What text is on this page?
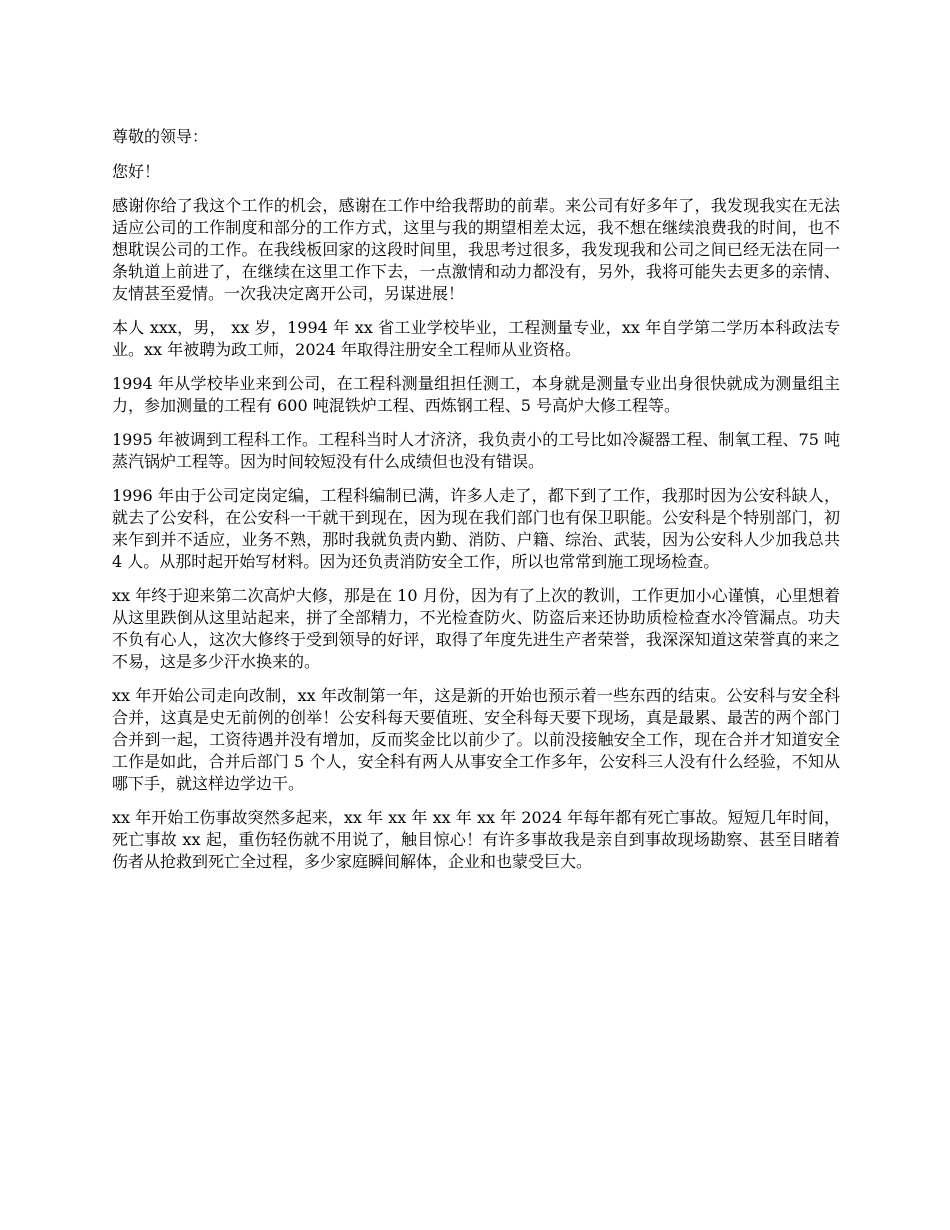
尊敬的领导：

您好！

感谢你给了我这个工作的机会，感谢在工作中给我帮助的前辈。来公司有好多年了，我发现我实在无法适应公司的工作制度和部分的工作方式，这里与我的期望相差太远，我不想在继续浪费我的时间，也不想耽误公司的工作。在我线板回家的这段时间里，我思考过很多，我发现我和公司之间已经无法在同一条轨道上前进了，在继续在这里工作下去，一点激情和动力都没有，另外，我将可能失去更多的亲情、友情甚至爱情。一次我决定离开公司，另谋进展！

本人 xxx，男， xx 岁，1994 年 xx 省工业学校毕业，工程测量专业，xx 年自学第二学历本科政法专业。xx 年被聘为政工师，2024 年取得注册安全工程师从业资格。

1994 年从学校毕业来到公司，在工程科测量组担任测工，本身就是测量专业出身很快就成为测量组主力，参加测量的工程有 600 吨混铁炉工程、西炼钢工程、5 号高炉大修工程等。

1995 年被调到工程科工作。工程科当时人才济济，我负责小的工号比如冷凝器工程、制氧工程、75 吨蒸汽锅炉工程等。因为时间较短没有什么成绩但也没有错误。

1996 年由于公司定岗定编，工程科编制已满，许多人走了，都下到了工作，我那时因为公安科缺人，就去了公安科，在公安科一干就干到现在，因为现在我们部门也有保卫职能。公安科是个特别部门，初来乍到并不适应，业务不熟，那时我就负责内勤、消防、户籍、综治、武装，因为公安科人少加我总共 4 人。从那时起开始写材料。因为还负责消防安全工作，所以也常常到施工现场检查。

xx 年终于迎来第二次高炉大修，那是在 10 月份，因为有了上次的教训，工作更加小心谨慎，心里想着从这里跌倒从这里站起来，拼了全部精力，不光检查防火、防盗后来还协助质检检查水冷管漏点。功夫不负有心人，这次大修终于受到领导的好评，取得了年度先进生产者荣誉，我深深知道这荣誉真的来之不易，这是多少汗水换来的。

xx 年开始公司走向改制，xx 年改制第一年，这是新的开始也预示着一些东西的结束。公安科与安全科合并，这真是史无前例的创举！公安科每天要值班、安全科每天要下现场，真是最累、最苦的两个部门合并到一起，工资待遇并没有增加，反而奖金比以前少了。以前没接触安全工作，现在合并才知道安全工作是如此，合并后部门 5 个人，安全科有两人从事安全工作多年，公安科三人没有什么经验，不知从哪下手，就这样边学边干。

xx 年开始工伤事故突然多起来，xx 年 xx 年 xx 年 xx 年 2024 年每年都有死亡事故。短短几年时间，死亡事故 xx 起，重伤轻伤就不用说了，触目惊心！有许多事故我是亲自到事故现场勘察、甚至目睹着伤者从抢救到死亡全过程，多少家庭瞬间解体，企业和也蒙受巨大。
